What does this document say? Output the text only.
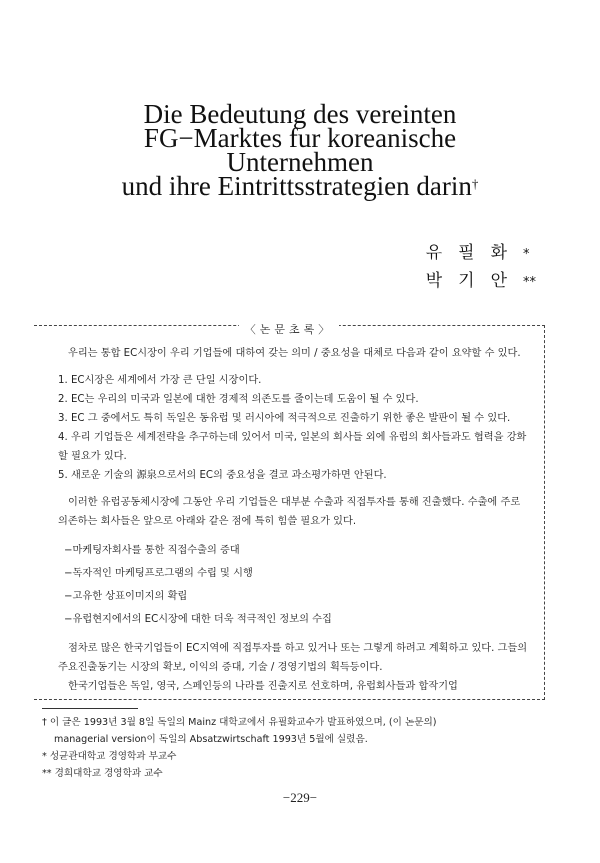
Die Bedeutung des vereinten
FG−Marktes fur koreanische
Unternehmen
und ihre Eintrittsstrategien darin†
유필화*
박기안**
〈논문초록〉

우리는 통합 EC시장이 우리 기업들에 대하여 갖는 의미 / 중요성을 대체로 다음과 같이 요약할 수 있다.

1. EC시장은 세계에서 가장 큰 단일 시장이다.

2. EC는 우리의 미국과 일본에 대한 경제적 의존도를 줄이는데 도움이 될 수 있다.

3. EC 그 중에서도 특히 독일은 동유럽 및 러시아에 적극적으로 진출하기 위한 좋은 발판이 될 수 있다.

4. 우리 기업들은 세계전략을 추구하는데 있어서 미국, 일본의 회사들 외에 유럽의 회사들과도 협력을 강화할 필요가 있다.

5. 새로운 기술의 源泉으로서의 EC의 중요성을 결코 과소평가하면 안된다.

이러한 유럽공동체시장에 그동안 우리 기업들은 대부분 수출과 직접투자를 통해 진출했다. 수출에 주로 의존하는 회사들은 앞으로 아래와 같은 점에 특히 힘쓸 필요가 있다.

−마케팅자회사를 통한 직접수출의 증대

−독자적인 마케팅프로그램의 수립 및 시행

−고유한 상표이미지의 확립

−유럽현지에서의 EC시장에 대한 더욱 적극적인 정보의 수집

점차로 많은 한국기업들이 EC지역에 직접투자를 하고 있거나 또는 그렇게 하려고 계획하고 있다. 그들의 주요진출동기는 시장의 확보, 이익의 증대, 기술 / 경영기법의 획득등이다.

한국기업들은 독일, 영국, 스페인등의 나라를 진출지로 선호하며, 유럽회사들과 합작기업

† 이 글은 1993년 3월 8일 독일의 Mainz 대학교에서 유필화교수가 발표하였으며, (이 논문의)

managerial version이 독일의 Absatzwirtschaft 1993년 5월에 실렸음.

* 성균관대학교 경영학과 부교수

** 경희대학교 경영학과 교수

−229−
